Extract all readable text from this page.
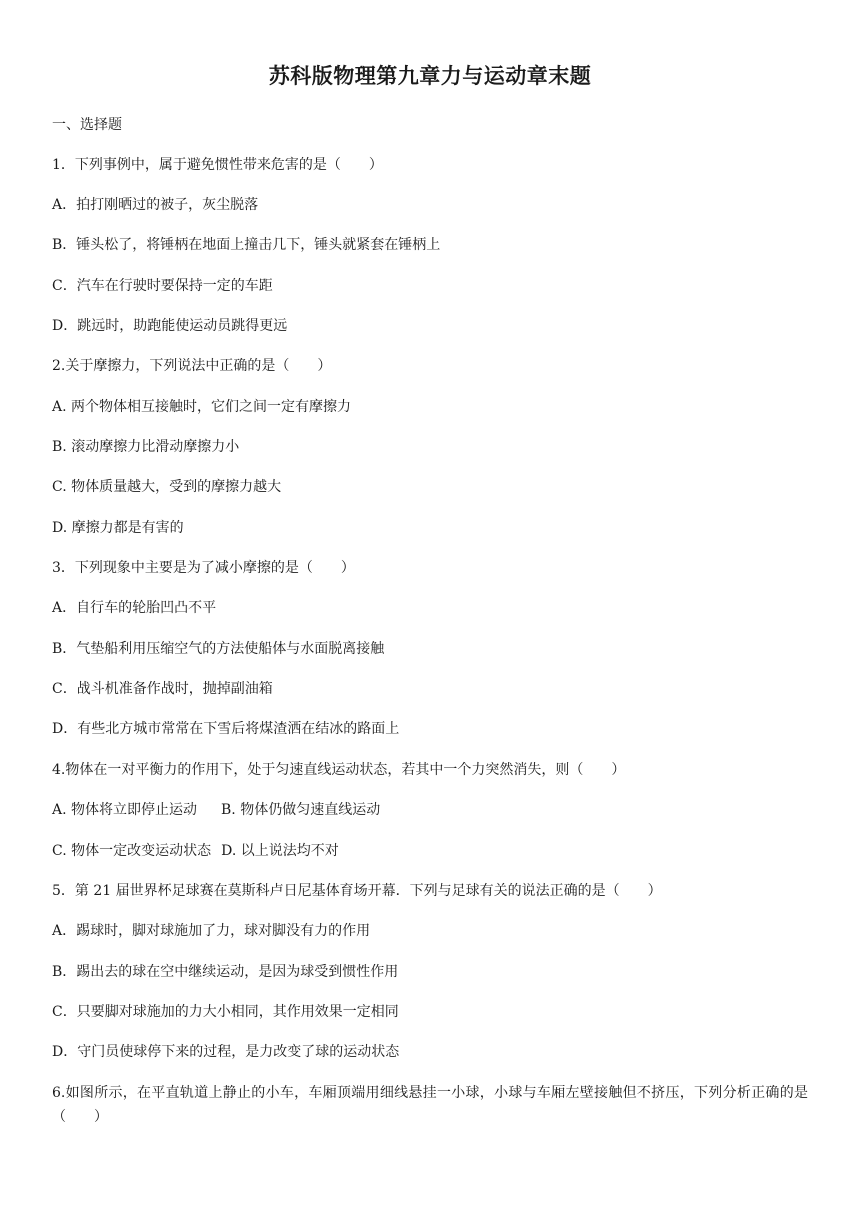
苏科版物理第九章力与运动章末题
一、选择题
1．下列事例中，属于避免惯性带来危害的是（　　）
A．拍打刚晒过的被子，灰尘脱落
B．锤头松了，将锤柄在地面上撞击几下，锤头就紧套在锤柄上
C．汽车在行驶时要保持一定的车距
D．跳远时，助跑能使运动员跳得更远
2.关于摩擦力，下列说法中正确的是（　　）
A. 两个物体相互接触时，它们之间一定有摩擦力
B. 滚动摩擦力比滑动摩擦力小
C. 物体质量越大，受到的摩擦力越大
D. 摩擦力都是有害的
3．下列现象中主要是为了减小摩擦的是（　　）
A．自行车的轮胎凹凸不平
B．气垫船利用压缩空气的方法使船体与水面脱离接触
C．战斗机准备作战时，抛掉副油箱
D．有些北方城市常常在下雪后将煤渣洒在结冰的路面上
4.物体在一对平衡力的作用下，处于匀速直线运动状态，若其中一个力突然消失，则（　　）
A. 物体将立即停止运动 B. 物体仍做匀速直线运动
C. 物体一定改变运动状态 D. 以上说法均不对
5．第 21 届世界杯足球赛在莫斯科卢日尼基体育场开幕．下列与足球有关的说法正确的是（　　）
A．踢球时，脚对球施加了力，球对脚没有力的作用
B．踢出去的球在空中继续运动，是因为球受到惯性作用
C．只要脚对球施加的力大小相同，其作用效果一定相同
D．守门员使球停下来的过程，是力改变了球的运动状态
6.如图所示，在平直轨道上静止的小车，车厢顶端用细线悬挂一小球，小球与车厢左壁接触但不挤压，下列分析正确的是（　　）
